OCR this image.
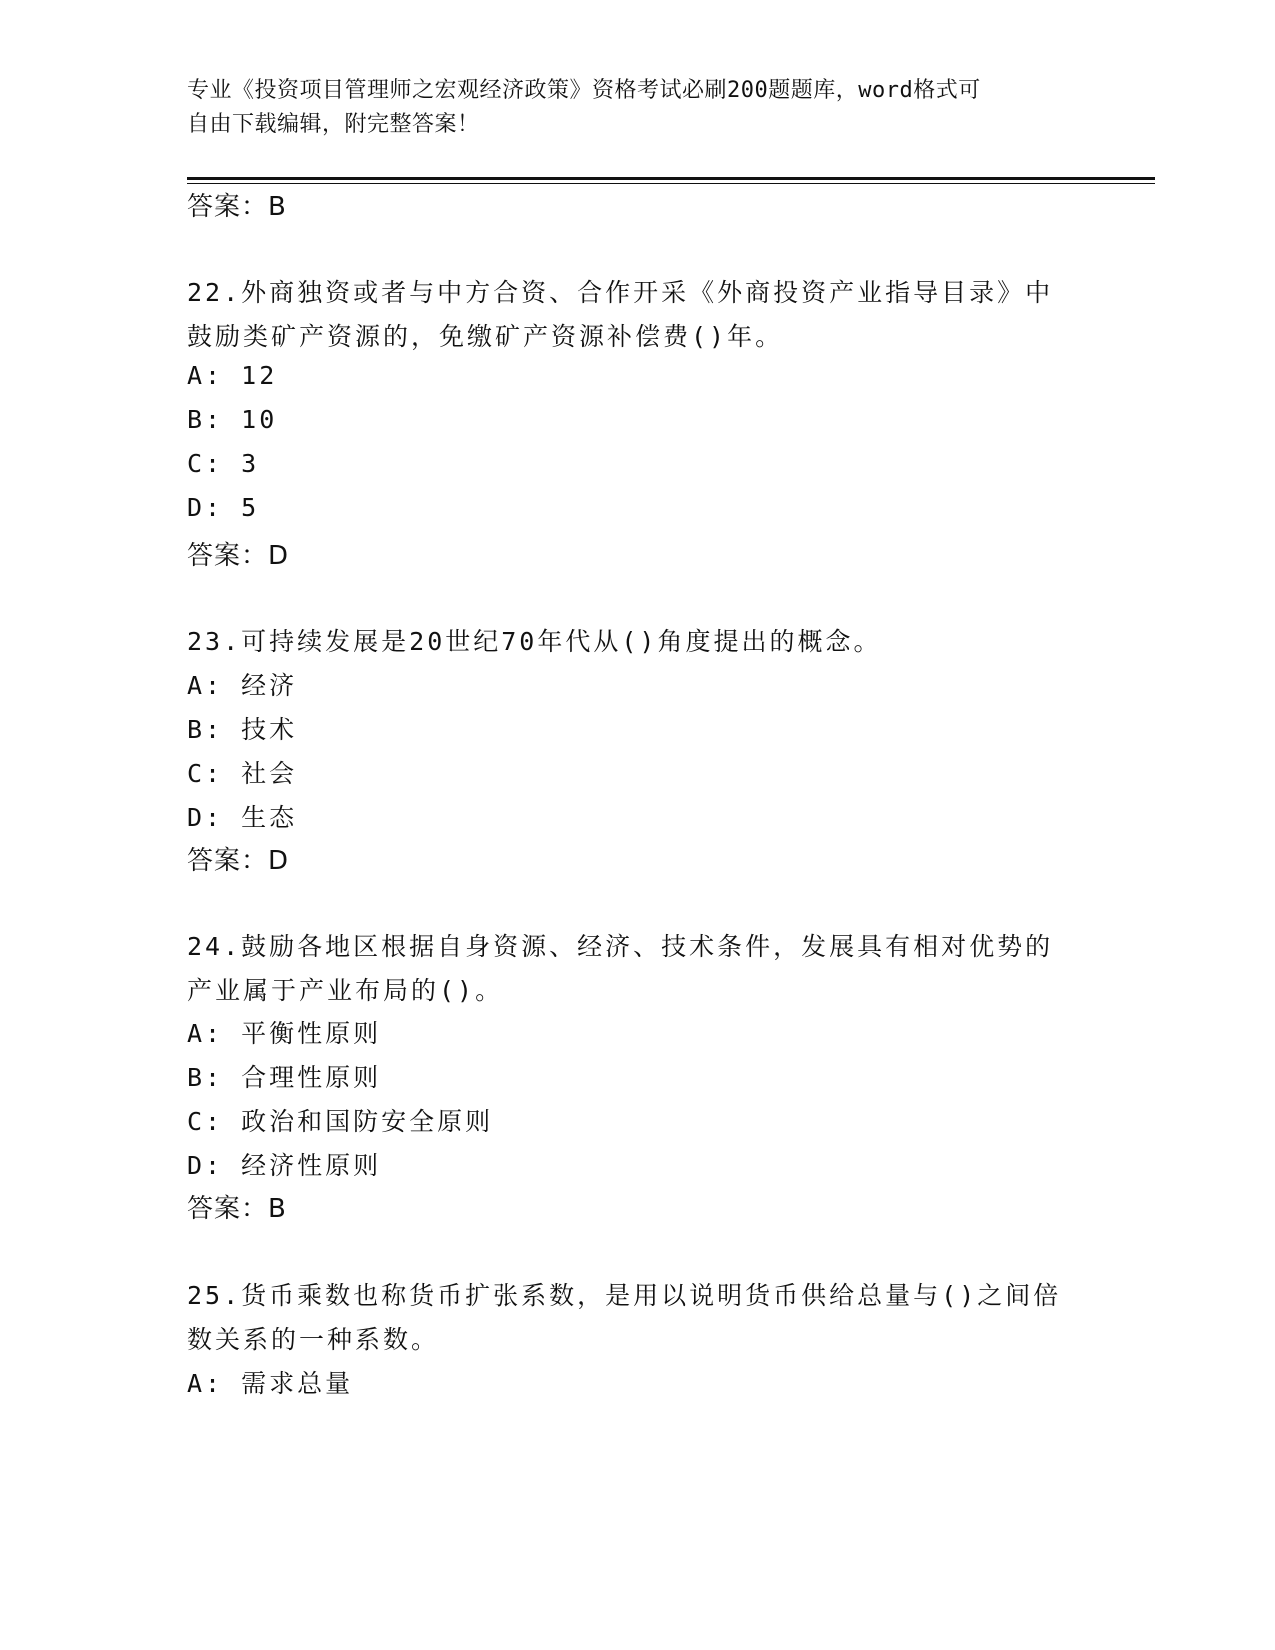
专业《投资项目管理师之宏观经济政策》资格考试必刷200题题库，word格式可
自由下载编辑，附完整答案！
答案：B
22.外商独资或者与中方合资、合作开采《外商投资产业指导目录》中
鼓励类矿产资源的，免缴矿产资源补偿费()年。
A: 12
B: 10
C: 3
D: 5
答案：D
23.可持续发展是20世纪70年代从()角度提出的概念。
A: 经济
B: 技术
C: 社会
D: 生态
答案：D
24.鼓励各地区根据自身资源、经济、技术条件，发展具有相对优势的
产业属于产业布局的()。
A: 平衡性原则
B: 合理性原则
C: 政治和国防安全原则
D: 经济性原则
答案：B
25.货币乘数也称货币扩张系数，是用以说明货币供给总量与()之间倍
数关系的一种系数。
A: 需求总量
